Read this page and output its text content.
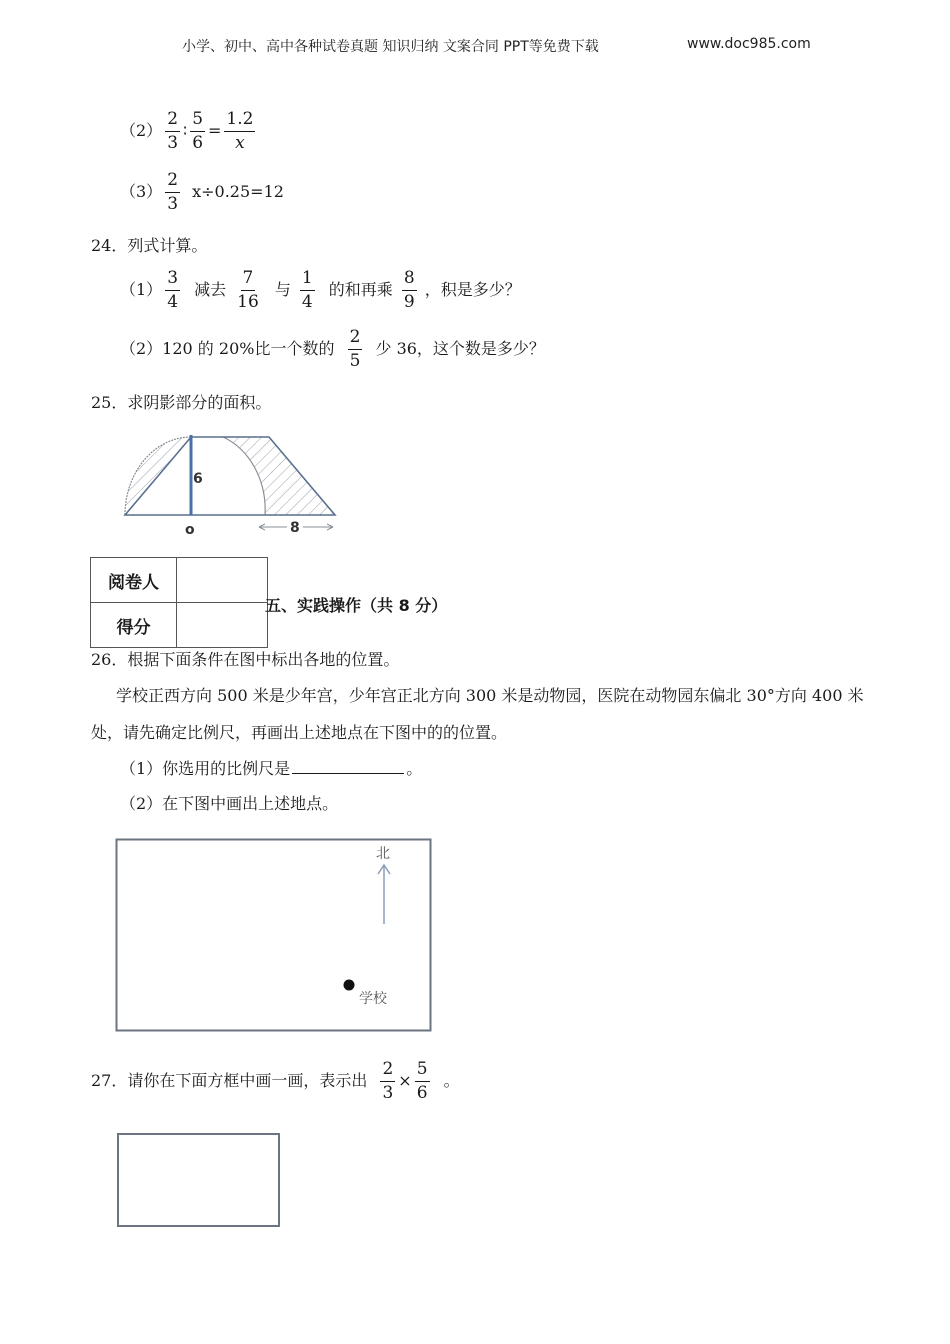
小学、初中、高中各种试卷真题 知识归纳 文案合同 PPT等免费下载	www.doc985.com
$(2) \frac{2}{3}$ ∶ $\frac{5}{6} = \frac{1.2}{x}$
$(3) \frac{2}{3} x\div 0.25=12$
24．列式计算。
$(1) \frac{3}{4}$ 减去 $\frac{7}{16}$ 与 $\frac{1}{4}$ 的和再乘 $\frac{8}{9}$ ，积是多少？
（2）120 的 20%比一个数的 $\frac{2}{5}$ 少 36，这个数是多少？
25．求阴影部分的面积。
6
o	8
阅卷人	
得分	
五、实践操作（共 8 分）
26．根据下面条件在图中标出各地的位置。
学校正西方向 500 米是少年宫，少年宫正北方向 300 米是动物园，医院在动物园东偏北 30°方向 400 米
处，请先确定比例尺，再画出上述地点在下图中的的位置。
（1）你选用的比例尺是	。
（2）在下图中画出上述地点。
北
学校
27．请你在下面方框中画一画，表示出 $\frac{2}{3} \times \frac{5}{6}$ 。
